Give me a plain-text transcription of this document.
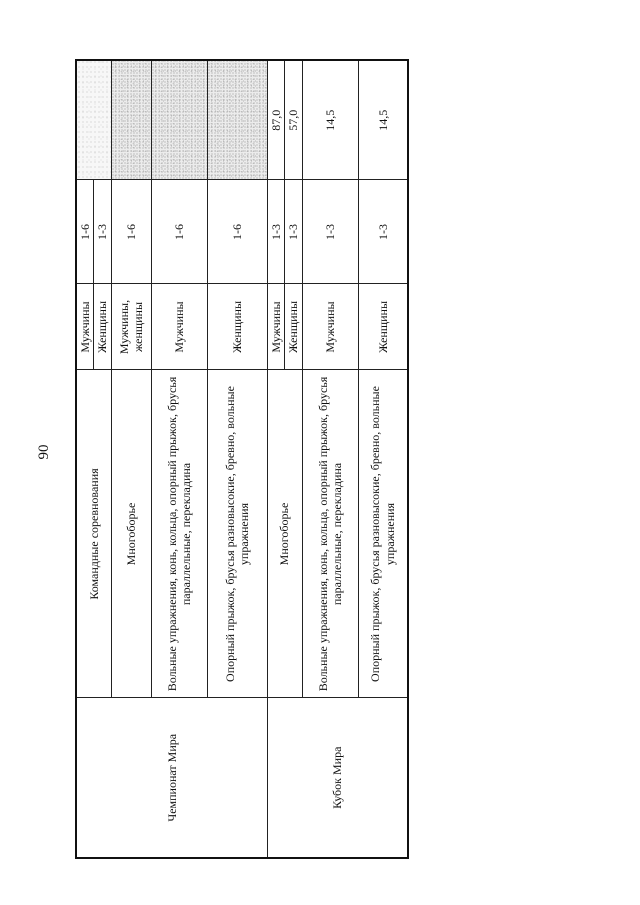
90
Чемпионат Мира	Командные соревнования	Мужчины	1-6	
		Женщины	1-3	
	Многоборье	Мужчины, женщины	1-6	
	Вольные упражнения, конь, кольца, опорный прыжок, брусья параллельные, перекладина	Мужчины	1-6	
	Опорный прыжок, брусья разновысокие, бревно, вольные упражнения	Женщины	1-6	
Кубок Мира	Многоборье	Мужчины	1-3	87,0
		Женщины	1-3	57,0
	Вольные упражнения, конь, кольца, опорный прыжок, брусья параллельные, перекладина	Мужчины	1-3	14,5
	Опорный прыжок, брусья разновысокие, бревно, вольные упражнения	Женщины	1-3	14,5
